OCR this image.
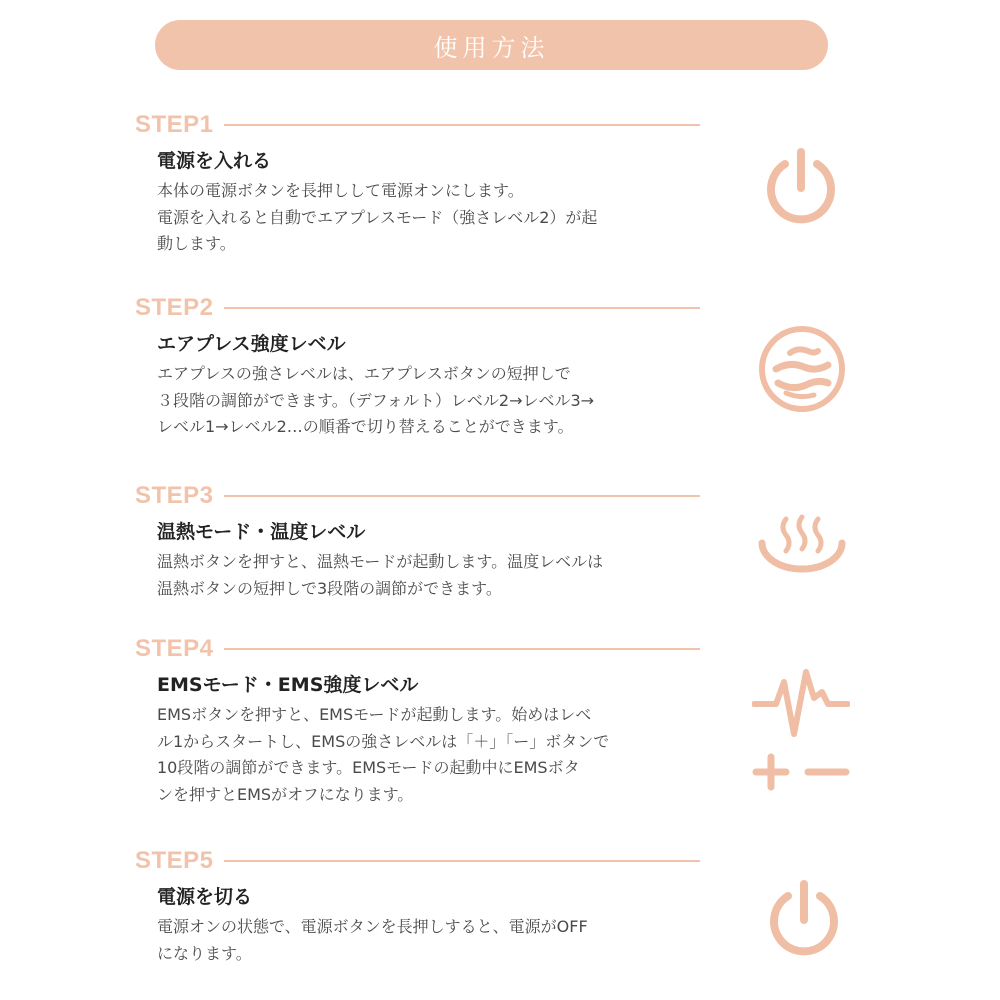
使用方法
STEP1
電源を入れる
本体の電源ボタンを長押しして電源オンにします。
電源を入れると自動でエアプレスモード（強さレベル2）が起
動します。
STEP2
エアプレス強度レベル
エアプレスの強さレベルは、エアプレスボタンの短押しで
３段階の調節ができます。（デフォルト）レベル2→レベル3→
レベル1→レベル2…の順番で切り替えることができます。
STEP3
温熱モード・温度レベル
温熱ボタンを押すと、温熱モードが起動します。温度レベルは
温熱ボタンの短押しで3段階の調節ができます。
STEP4
EMSモード・EMS強度レベル
EMSボタンを押すと、EMSモードが起動します。始めはレベ
ル1からスタートし、EMSの強さレベルは「＋」「ー」ボタンで
10段階の調節ができます。EMSモードの起動中にEMSボタ
ンを押すとEMSがオフになります。
STEP5
電源を切る
電源オンの状態で、電源ボタンを長押しすると、電源がOFF
になります。
